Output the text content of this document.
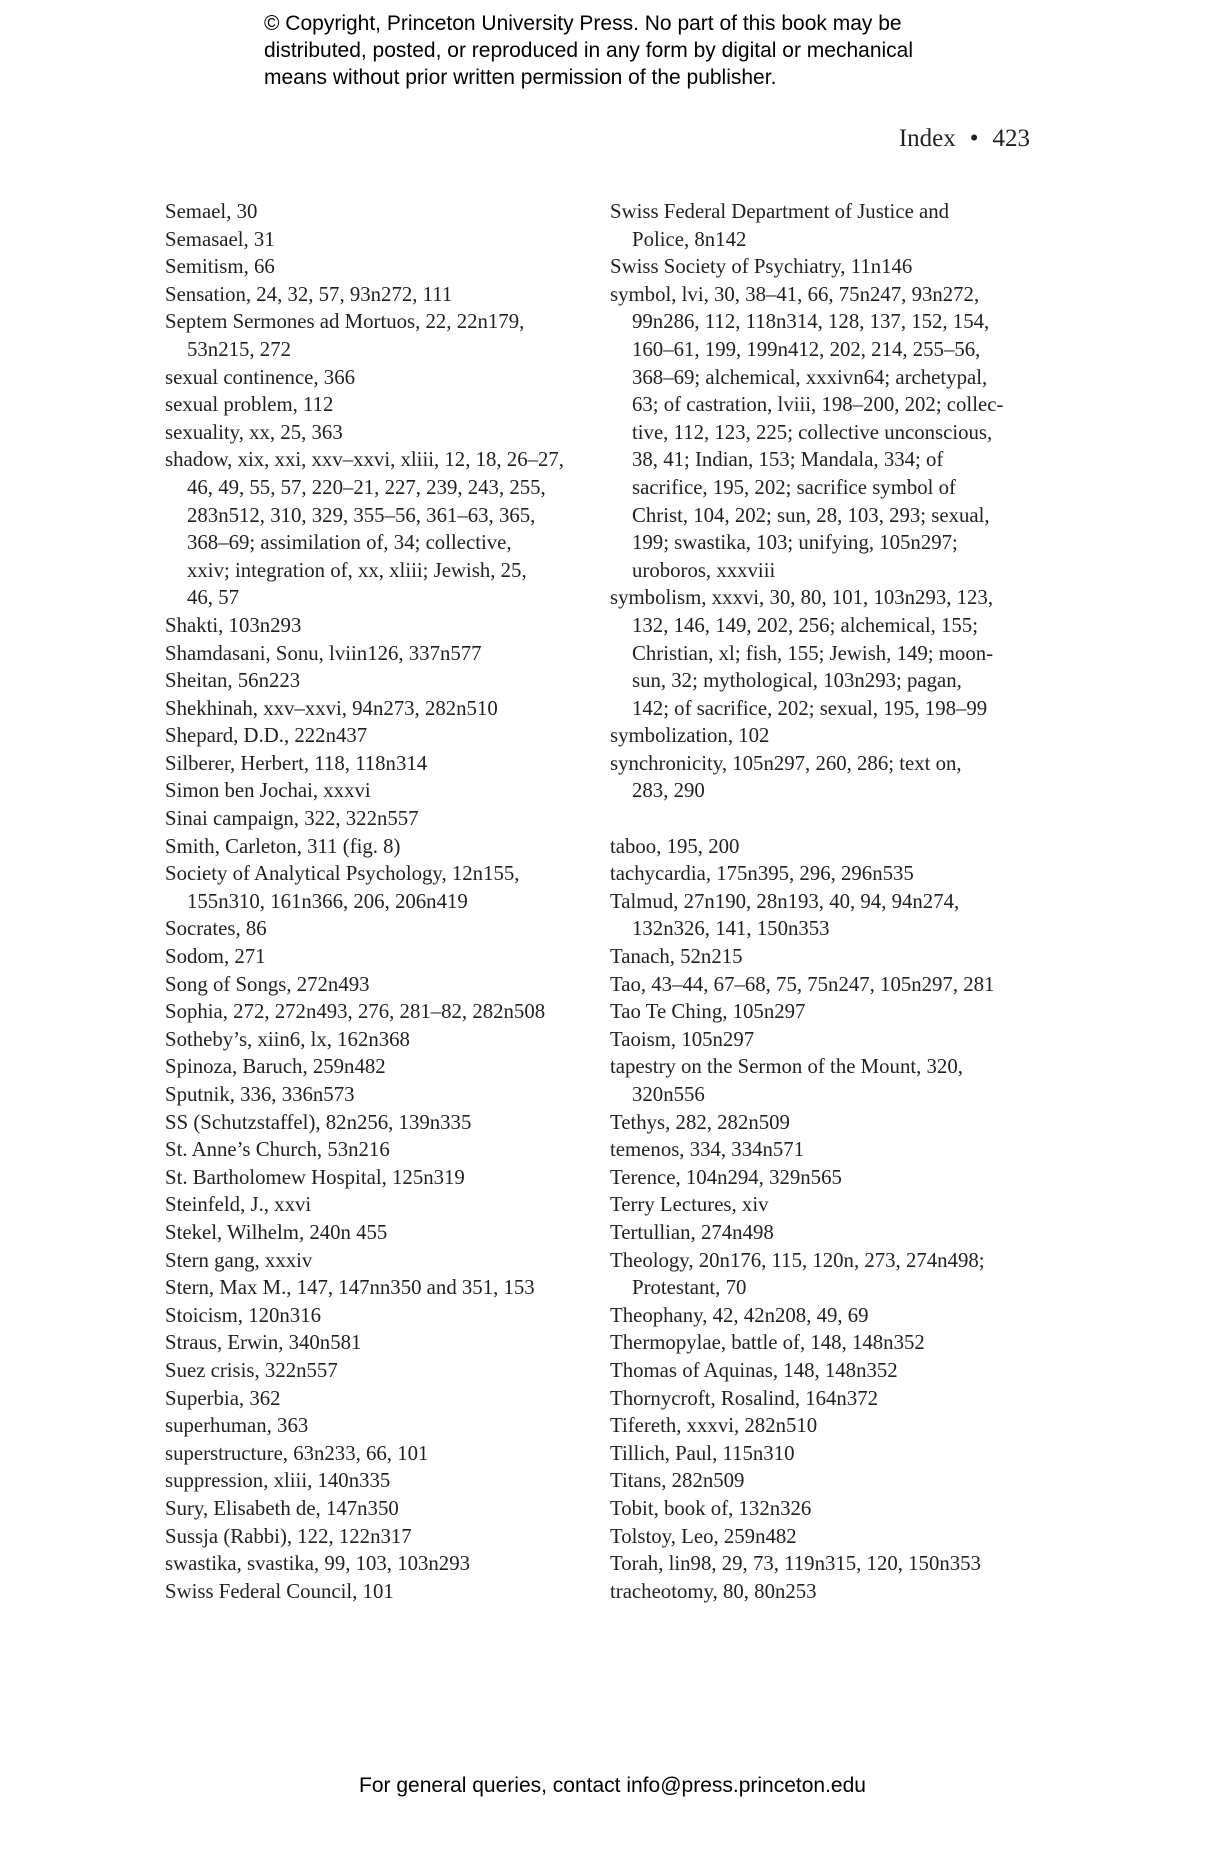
© Copyright, Princeton University Press. No part of this book may be

distributed, posted, or reproduced in any form by digital or mechanical

means without prior written permission of the publisher.

Index • 423
Semael, 30
Semasael, 31
Semitism, 66
Sensation, 24, 32, 57, 93n272, 111
Septem Sermones ad Mortuos, 22, 22n179,
53n215, 272
sexual continence, 366
sexual problem, 112
sexuality, xx, 25, 363
shadow, xix, xxi, xxv–xxvi, xliii, 12, 18, 26–27,
46, 49, 55, 57, 220–21, 227, 239, 243, 255,
283n512, 310, 329, 355–56, 361–63, 365,
368–69; assimilation of, 34; collective,
xxiv; integration of, xx, xliii; Jewish, 25,
46, 57
Shakti, 103n293
Shamdasani, Sonu, lviin126, 337n577
Sheitan, 56n223
Shekhinah, xxv–xxvi, 94n273, 282n510
Shepard, D.D., 222n437
Silberer, Herbert, 118, 118n314
Simon ben Jochai, xxxvi
Sinai campaign, 322, 322n557
Smith, Carleton, 311 (fig. 8)
Society of Analytical Psychology, 12n155,
155n310, 161n366, 206, 206n419
Socrates, 86
Sodom, 271
Song of Songs, 272n493
Sophia, 272, 272n493, 276, 281–82, 282n508
Sotheby’s, xiin6, lx, 162n368
Spinoza, Baruch, 259n482
Sputnik, 336, 336n573
SS (Schutzstaffel), 82n256, 139n335
St. Anne’s Church, 53n216
St. Bartholomew Hospital, 125n319
Steinfeld, J., xxvi
Stekel, Wilhelm, 240n 455
Stern gang, xxxiv
Stern, Max M., 147, 147nn350 and 351, 153
Stoicism, 120n316
Straus, Erwin, 340n581
Suez crisis, 322n557
Superbia, 362
superhuman, 363
superstructure, 63n233, 66, 101
suppression, xliii, 140n335
Sury, Elisabeth de, 147n350
Sussja (Rabbi), 122, 122n317
swastika, svastika, 99, 103, 103n293
Swiss Federal Council, 101
Swiss Federal Department of Justice and
Police, 8n142
Swiss Society of Psychiatry, 11n146
symbol, lvi, 30, 38–41, 66, 75n247, 93n272,
99n286, 112, 118n314, 128, 137, 152, 154,
160–61, 199, 199n412, 202, 214, 255–56,
368–69; alchemical, xxxivn64; archetypal,
63; of castration, lviii, 198–200, 202; collec-
tive, 112, 123, 225; collective unconscious,
38, 41; Indian, 153; Mandala, 334; of
sacrifice, 195, 202; sacrifice symbol of
Christ, 104, 202; sun, 28, 103, 293; sexual,
199; swastika, 103; unifying, 105n297;
uroboros, xxxviii
symbolism, xxxvi, 30, 80, 101, 103n293, 123,
132, 146, 149, 202, 256; alchemical, 155;
Christian, xl; fish, 155; Jewish, 149; moon-
sun, 32; mythological, 103n293; pagan,
142; of sacrifice, 202; sexual, 195, 198–99
symbolization, 102
synchronicity, 105n297, 260, 286; text on,
283, 290
taboo, 195, 200
tachycardia, 175n395, 296, 296n535
Talmud, 27n190, 28n193, 40, 94, 94n274,
132n326, 141, 150n353
Tanach, 52n215
Tao, 43–44, 67–68, 75, 75n247, 105n297, 281
Tao Te Ching, 105n297
Taoism, 105n297
tapestry on the Sermon of the Mount, 320,
320n556
Tethys, 282, 282n509
temenos, 334, 334n571
Terence, 104n294, 329n565
Terry Lectures, xiv
Tertullian, 274n498
Theology, 20n176, 115, 120n, 273, 274n498;
Protestant, 70
Theophany, 42, 42n208, 49, 69
Thermopylae, battle of, 148, 148n352
Thomas of Aquinas, 148, 148n352
Thornycroft, Rosalind, 164n372
Tifereth, xxxvi, 282n510
Tillich, Paul, 115n310
Titans, 282n509
Tobit, book of, 132n326
Tolstoy, Leo, 259n482
Torah, lin98, 29, 73, 119n315, 120, 150n353
tracheotomy, 80, 80n253
For general queries, contact info@press.princeton.edu
